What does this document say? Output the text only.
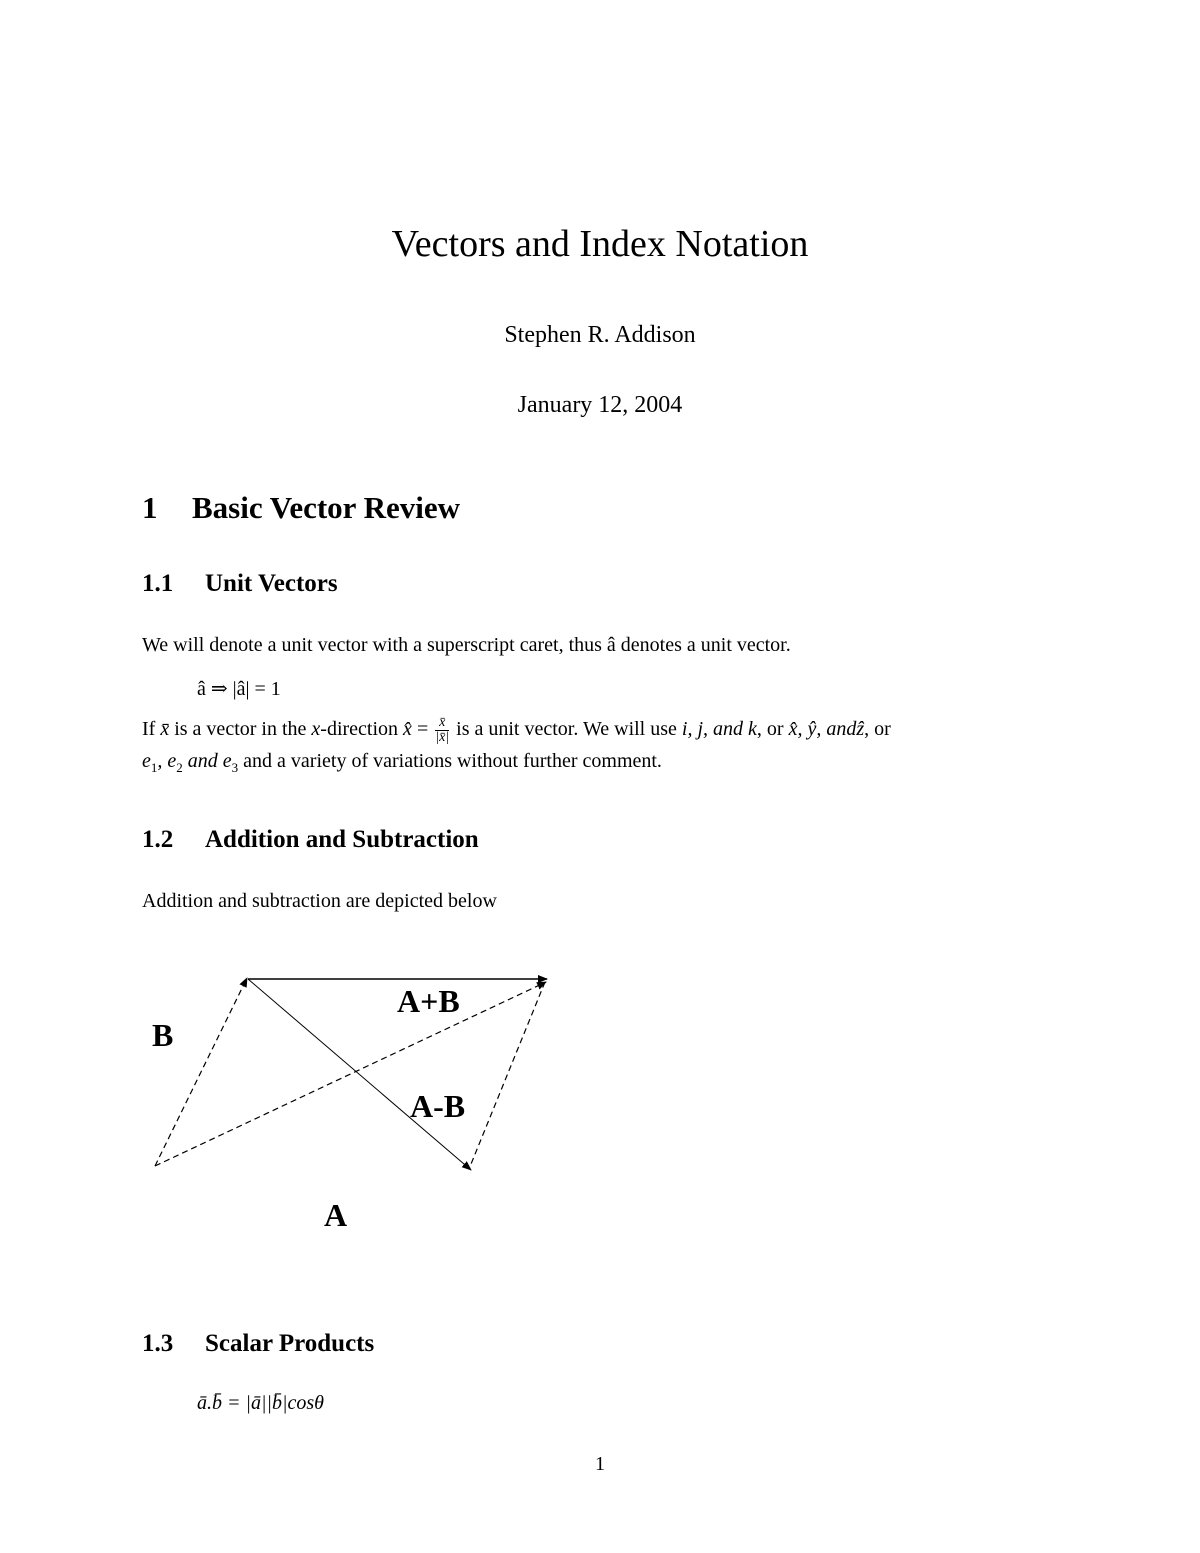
Vectors and Index Notation
Stephen R. Addison
January 12, 2004
1 Basic Vector Review
1.1 Unit Vectors
We will denote a unit vector with a superscript caret, thus â denotes a unit vector.
â ⇒ |â| = 1
If x̄ is a vector in the x-direction x̂ = $\frac{x̄}{|x̄|}$ is a unit vector. We will use i, j, and k, or x̂, ŷ, andẑ, or
$e_1$, $e_2$ and $e_3$ and a variety of variations without further comment.
1.2 Addition and Subtraction
Addition and subtraction are depicted below
B
A+B
A-B
A
1.3 Scalar Products
ā.b̄ = |ā||b̄|cosθ
1
